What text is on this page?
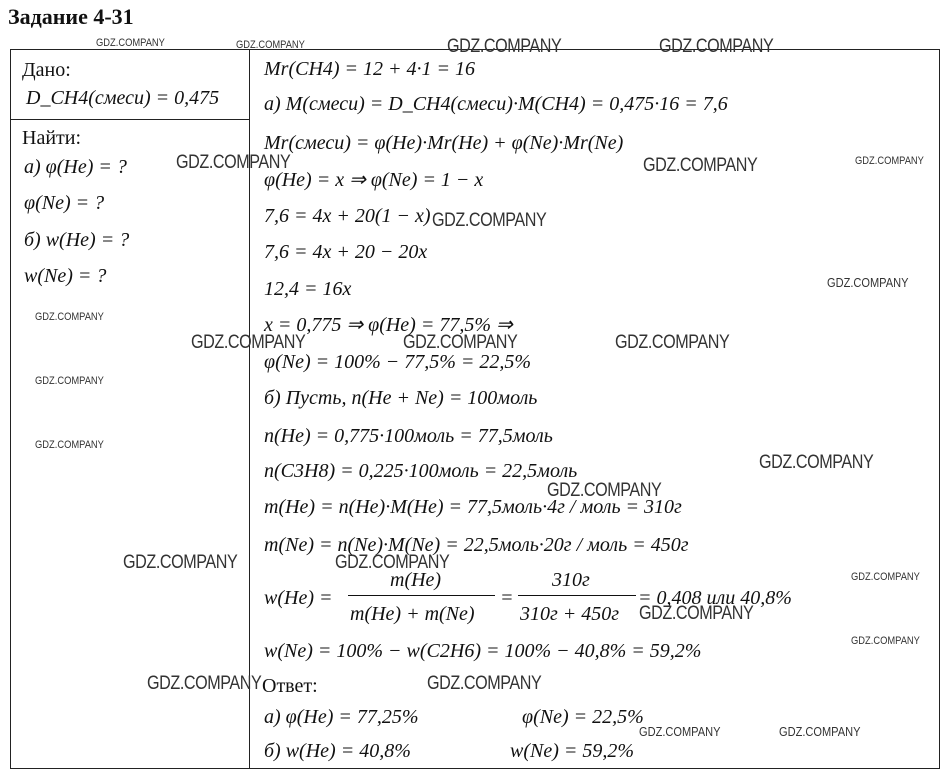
Задание 4-31
Дано:
D_CH4(смеси) = 0,475
Найти:
а) φ(He) = ?
φ(Ne) = ?
б) w(He) = ?
w(Ne) = ?
Mr(CH4) = 12 + 4·1 = 16
а) M(смеси) = D_CH4(смеси)·M(CH4) = 0,475·16 = 7,6
Mr(смеси) = φ(He)·Mr(He) + φ(Ne)·Mr(Ne)
φ(He) = x ⇒ φ(Ne) = 1 − x
7,6 = 4x + 20(1 − x)
7,6 = 4x + 20 − 20x
12,4 = 16x
x = 0,775 ⇒ φ(He) = 77,5% ⇒
φ(Ne) = 100% − 77,5% = 22,5%
б) Пусть, n(He + Ne) = 100моль
n(He) = 0,775·100моль = 77,5моль
n(C3H8) = 0,225·100моль = 22,5моль
m(He) = n(He)·M(He) = 77,5моль·4г / моль = 310г
m(Ne) = n(Ne)·M(Ne) = 22,5моль·20г / моль = 450г
w(He) =
m(He)
m(He) + m(Ne)
=
310г
310г + 450г
= 0,408 или 40,8%
w(Ne) = 100% − w(C2H6) = 100% − 40,8% = 59,2%
Ответ:
а) φ(He) = 77,25%	φ(Ne) = 22,5%
б) w(He) = 40,8%	w(Ne) = 59,2%
GDZ.COMPANY	GDZ.COMPANY	GDZ.COMPANY	GDZ.COMPANY
GDZ.COMPANY	GDZ.COMPANY	GDZ.COMPANY
GDZ.COMPANY
GDZ.COMPANY
GDZ.COMPANY
GDZ.COMPANY	GDZ.COMPANY	GDZ.COMPANY
GDZ.COMPANY
GDZ.COMPANY
GDZ.COMPANY
GDZ.COMPANY
GDZ.COMPANY	GDZ.COMPANY
GDZ.COMPANY
GDZ.COMPANY
GDZ.COMPANY
GDZ.COMPANY	GDZ.COMPANY
GDZ.COMPANY	GDZ.COMPANY
